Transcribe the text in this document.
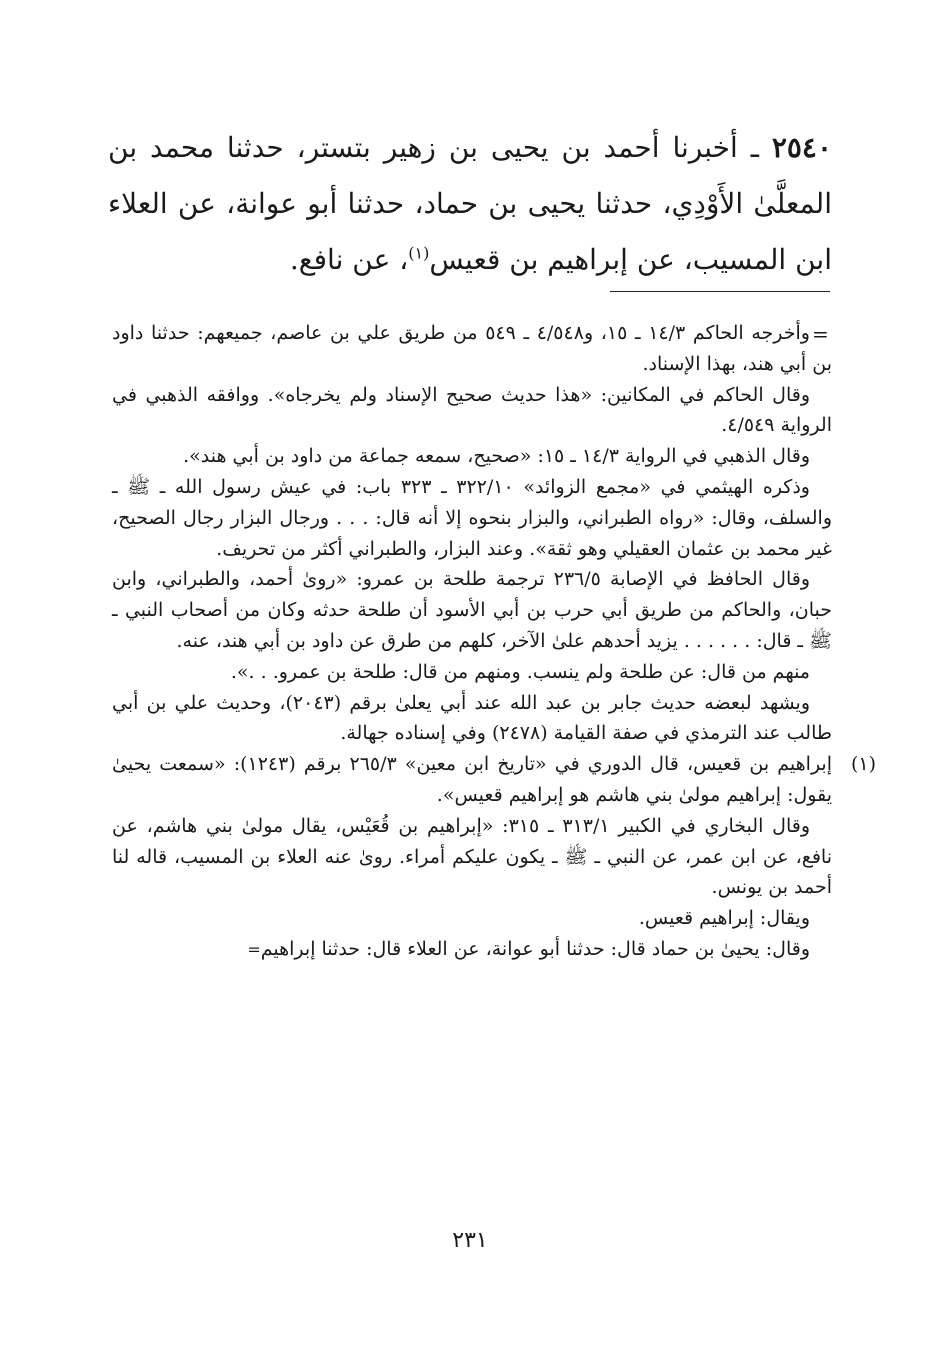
٢٥٤٠ ـ أخبرنا أحمد بن يحيى بن زهير بتستر، حدثنا محمد بن المعلَّىٰ الأَوْدِي، حدثنا يحيى بن حماد، حدثنا أبو عوانة، عن العلاء ابن المسيب، عن إبراهيم بن قعيس$^{(١)}$، عن نافع.

=

وأخرجه الحاكم ١٤/٣ ـ ١٥، و٤/٥٤٨ ـ ٥٤٩ من طريق علي بن عاصم، جميعهم: حدثنا داود بن أبي هند، بهذا الإسناد.

وقال الحاكم في المكانين: «هذا حديث صحيح الإسناد ولم يخرجاه». ووافقه الذهبي في الرواية ٤/٥٤٩.

وقال الذهبي في الرواية ١٤/٣ ـ ١٥: «صحيح، سمعه جماعة من داود بن أبي هند».

وذكره الهيثمي في «مجمع الزوائد» ٣٢٢/١٠ ـ ٣٢٣ باب: في عيش رسول الله ـ ﷺ ـ والسلف، وقال: «رواه الطبراني، والبزار بنحوه إلا أنه قال: . . . ورجال البزار رجال الصحيح، غير محمد بن عثمان العقيلي وهو ثقة». وعند البزار، والطبراني أكثر من تحريف.

وقال الحافظ في الإصابة ٢٣٦/٥ ترجمة طلحة بن عمرو: «روىٰ أحمد، والطبراني، وابن حبان، والحاكم من طريق أبي حرب بن أبي الأسود أن طلحة حدثه وكان من أصحاب النبي ـ ﷺ ـ قال: . . . . . . يزيد أحدهم علىٰ الآخر، كلهم من طرق عن داود بن أبي هند، عنه.

منهم من قال: عن طلحة ولم ينسب. ومنهم من قال: طلحة بن عمرو. . .».

ويشهد لبعضه حديث جابر بن عبد الله عند أبي يعلىٰ برقم (٢٠٤٣)، وحديث علي بن أبي طالب عند الترمذي في صفة القيامة (٢٤٧٨) وفي إسناده جهالة.

(١)
إبراهيم بن قعيس، قال الدوري في «تاريخ ابن معين» ٢٦٥/٣ برقم (١٢٤٣): «سمعت يحيىٰ يقول: إبراهيم مولىٰ بني هاشم هو إبراهيم قعيس».

وقال البخاري في الكبير ٣١٣/١ ـ ٣١٥: «إبراهيم بن قُعَيْس، يقال مولىٰ بني هاشم، عن نافع، عن ابن عمر، عن النبي ـ ﷺ ـ يكون عليكم أمراء. روىٰ عنه العلاء بن المسيب، قاله لنا أحمد بن يونس.

ويقال: إبراهيم قعيس.

وقال: يحيىٰ بن حماد قال: حدثنا أبو عوانة، عن العلاء قال: حدثنا إبراهيم=

٢٣١
